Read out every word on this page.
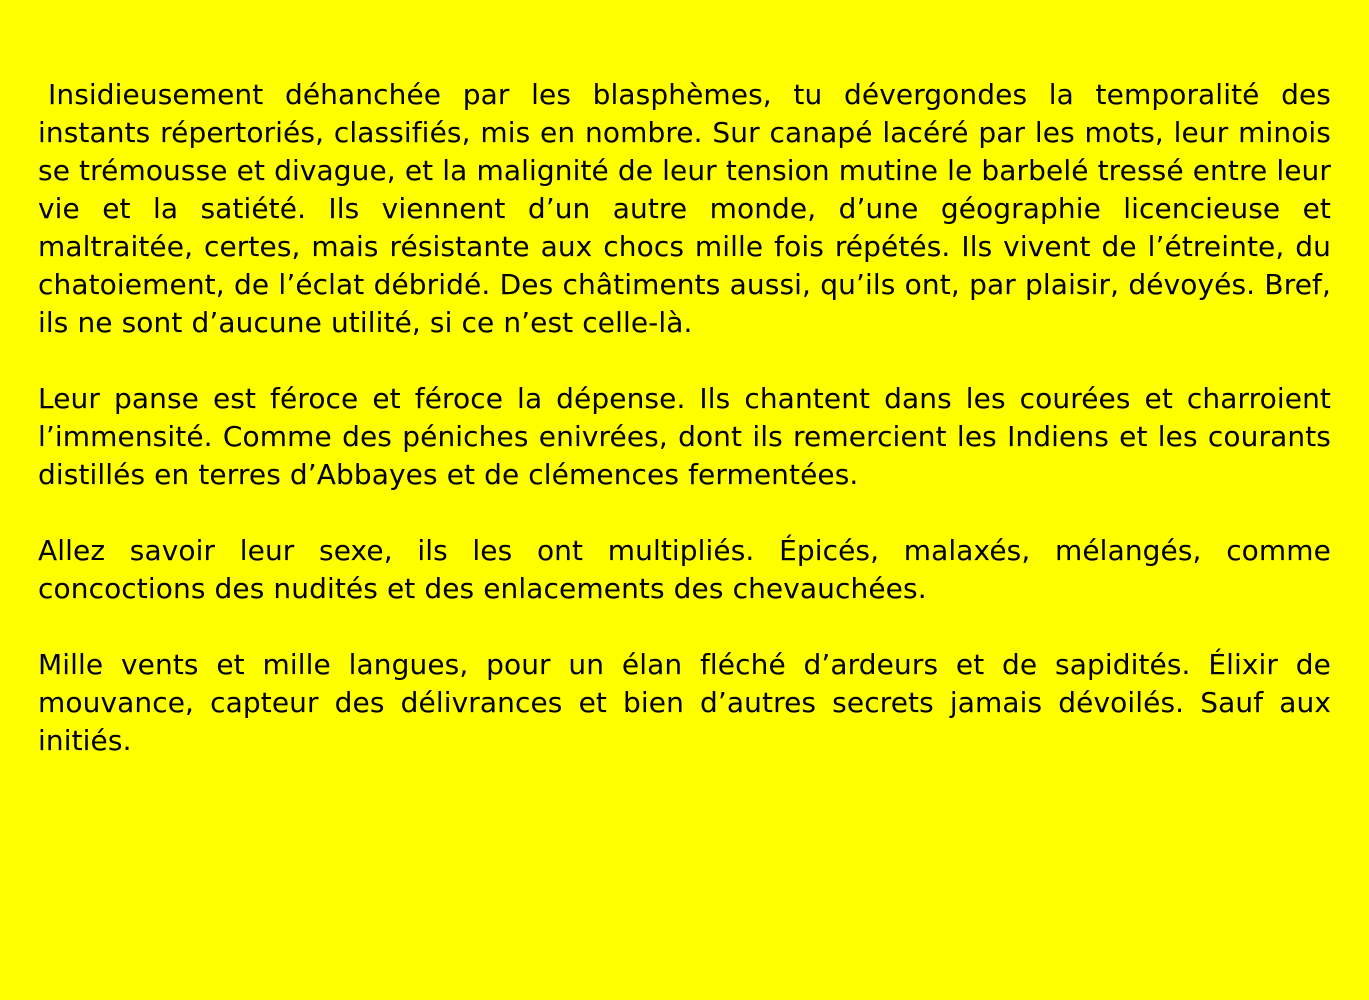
Insidieusement déhanchée par les blasphèmes, tu dévergondes la temporalité des instants répertoriés, classifiés, mis en nombre. Sur canapé lacéré par les mots, leur minois se trémousse et divague, et la malignité de leur tension mutine le barbelé tressé entre leur vie et la satiété. Ils viennent d’un autre monde, d’une géographie licencieuse et maltraitée, certes, mais résistante aux chocs mille fois répétés. Ils vivent de l’étreinte, du chatoiement, de l’éclat débridé. Des châtiments aussi, qu’ils ont, par plaisir, dévoyés. Bref, ils ne sont d’aucune utilité, si ce n’est celle-là.

Leur panse est féroce et féroce la dépense. Ils chantent dans les courées et charroient l’immensité. Comme des péniches enivrées, dont ils remercient les Indiens et les courants distillés en terres d’Abbayes et de clémences fermentées.

Allez savoir leur sexe, ils les ont multipliés. Épicés, malaxés, mélangés, comme concoctions des nudités et des enlacements des chevauchées.

Mille vents et mille langues, pour un élan fléché d’ardeurs et de sapidités. Élixir de mouvance, capteur des délivrances et bien d’autres secrets jamais dévoilés. Sauf aux initiés.
